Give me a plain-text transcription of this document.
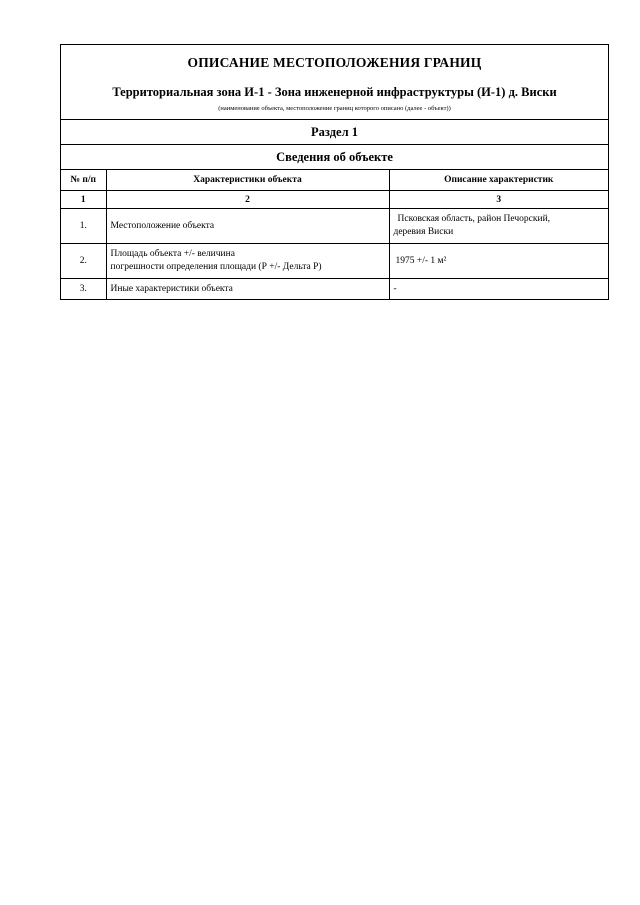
ОПИСАНИЕ МЕСТОПОЛОЖЕНИЯ ГРАНИЦ
Территориальная зона И-1 - Зона инженерной инфраструктуры (И-1) д. Виски
(наименование объекта, местоположение границ которого описано (далее - объект))
Раздел 1
Сведения об объекте
№ п/п	Характеристики объекта	Описание характеристик
1	2	3
1.	Местоположение объекта	Псковская область, район Печорский,
деревия Виски

2.	Площадь объекта +/- величина
погрешности определения площади (Р +/- Дельта Р)	1975 +/- 1 м²
3.	Иные характеристики объекта	-
